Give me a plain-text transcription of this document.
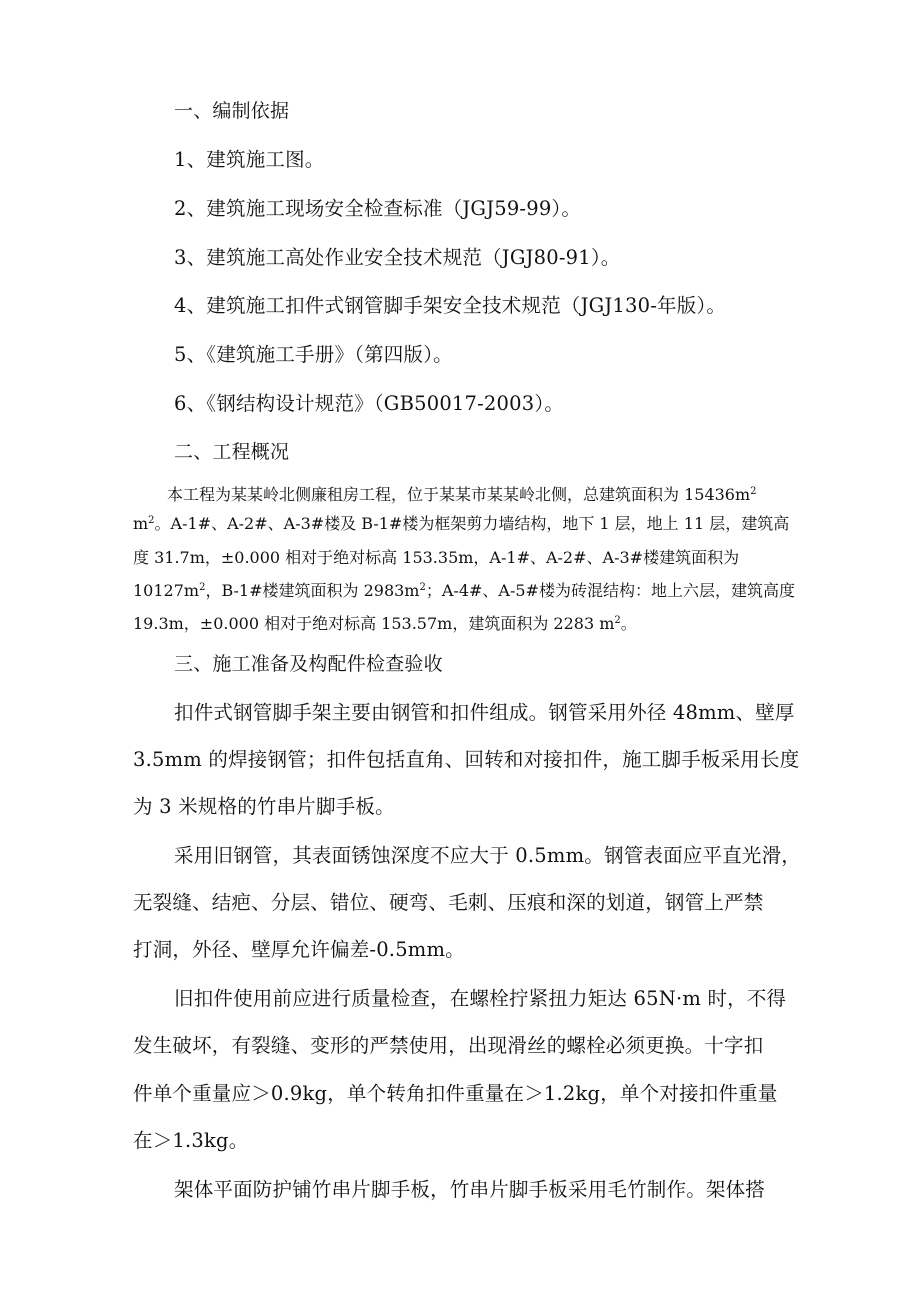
一、编制依据
1、建筑施工图。
2、建筑施工现场安全检查标准（JGJ59-99）。
3、建筑施工高处作业安全技术规范（JGJ80-91）。
4、建筑施工扣件式钢管脚手架安全技术规范（JGJ130-年版）。
5、《建筑施工手册》（第四版）。
6、《钢结构设计规范》（GB50017-2003）。
二、工程概况
本工程为某某岭北侧廉租房工程，位于某某市某某岭北侧，总建筑面积为 $15436m^2$
$m^2$。A-1#、A-2#、A-3#楼及 B-1#楼为框架剪力墙结构，地下 1 层，地上 11 层，建筑高
度 31.7m，±0.000 相对于绝对标高 153.35m，A-1#、A-2#、A-3#楼建筑面积为
$10127m^2$，B-1#楼建筑面积为 $2983m^2$；A-4#、A-5#楼为砖混结构：地上六层，建筑高度
19.3m，±0.000 相对于绝对标高 153.57m，建筑面积为 2283 $m^2$。
三、施工准备及构配件检查验收
扣件式钢管脚手架主要由钢管和扣件组成。钢管采用外径 48mm、壁厚
3.5mm 的焊接钢管；扣件包括直角、回转和对接扣件，施工脚手板采用长度
为 3 米规格的竹串片脚手板。
采用旧钢管，其表面锈蚀深度不应大于 0.5mm。钢管表面应平直光滑，
无裂缝、结疤、分层、错位、硬弯、毛刺、压痕和深的划道，钢管上严禁
打洞，外径、壁厚允许偏差-0.5mm。
旧扣件使用前应进行质量检查，在螺栓拧紧扭力矩达 65N·m 时，不得
发生破坏，有裂缝、变形的严禁使用，出现滑丝的螺栓必须更换。十字扣
件单个重量应＞0.9kg，单个转角扣件重量在＞1.2kg，单个对接扣件重量
在＞1.3kg。
架体平面防护铺竹串片脚手板，竹串片脚手板采用毛竹制作。架体搭
